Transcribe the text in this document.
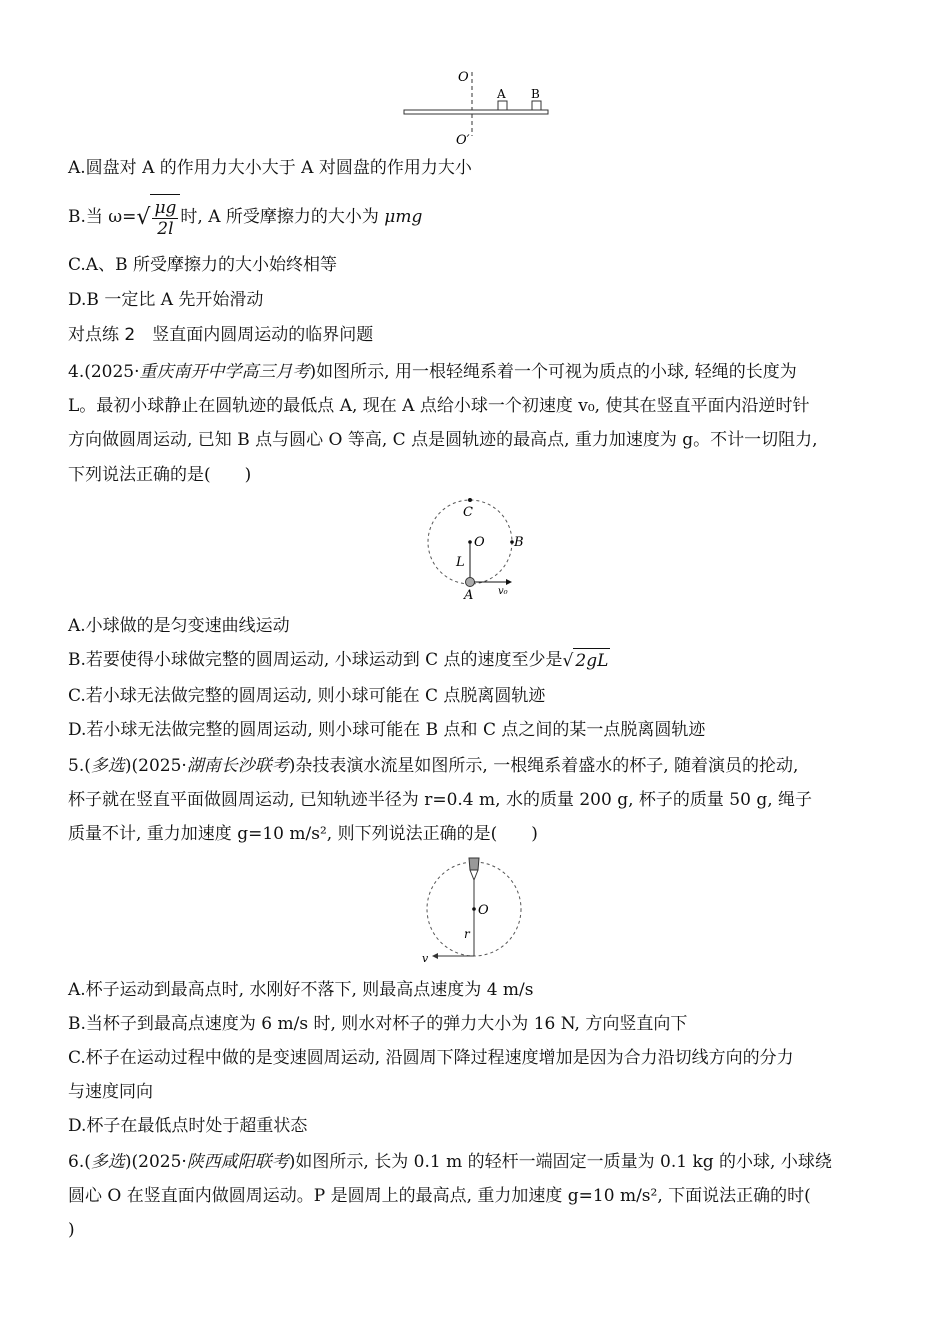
O
O′
A B
A.圆盘对 A 的作用力大小大于 A 对圆盘的作用力大小
B.当 ω= √ $\frac{\mu g}{2l}$ 时, A 所受摩擦力的大小为 μmg
C.A、B 所受摩擦力的大小始终相等
D.B 一定比 A 先开始滑动
对点练 2　竖直面内圆周运动的临界问题
4.(2025·重庆南开中学高三月考)如图所示, 用一根轻绳系着一个可视为质点的小球, 轻绳的长度为
L。最初小球静止在圆轨迹的最低点 A, 现在 A 点给小球一个初速度 v₀, 使其在竖直平面内沿逆时针
方向做圆周运动, 已知 B 点与圆心 O 等高, C 点是圆轨迹的最高点, 重力加速度为 g。不计一切阻力,
下列说法正确的是(　　)
C
O B
L
A v₀
A.小球做的是匀变速曲线运动
B.若要使得小球做完整的圆周运动, 小球运动到 C 点的速度至少是 √ 2gL
C.若小球无法做完整的圆周运动, 则小球可能在 C 点脱离圆轨迹
D.若小球无法做完整的圆周运动, 则小球可能在 B 点和 C 点之间的某一点脱离圆轨迹
5.(多选)(2025·湖南长沙联考)杂技表演水流星如图所示, 一根绳系着盛水的杯子, 随着演员的抡动,
杯子就在竖直平面做圆周运动, 已知轨迹半径为 r=0.4 m, 水的质量 200 g, 杯子的质量 50 g, 绳子
质量不计, 重力加速度 g=10 m/s², 则下列说法正确的是(　　)
O
r
v
A.杯子运动到最高点时, 水刚好不落下, 则最高点速度为 4 m/s
B.当杯子到最高点速度为 6 m/s 时, 则水对杯子的弹力大小为 16 N, 方向竖直向下
C.杯子在运动过程中做的是变速圆周运动, 沿圆周下降过程速度增加是因为合力沿切线方向的分力
与速度同向
D.杯子在最低点时处于超重状态
6.(多选)(2025·陕西咸阳联考)如图所示, 长为 0.1 m 的轻杆一端固定一质量为 0.1 kg 的小球, 小球绕
圆心 O 在竖直面内做圆周运动。P 是圆周上的最高点, 重力加速度 g=10 m/s², 下面说法正确的时(
)
